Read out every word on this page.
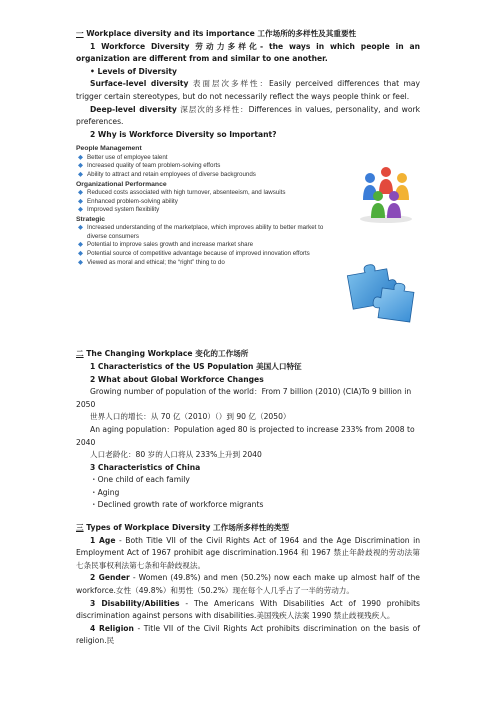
一 Workplace diversity and its importance 工作场所的多样性及其重要性

1 Workforce Diversity 劳动力多样化- the ways in which people in an organization are different from and similar to one another.

• Levels of Diversity

Surface-level diversity 表面层次多样性：Easily perceived differences that may trigger certain stereotypes, but do not necessarily reflect the ways people think or feel.

Deep-level diversity 深层次的多样性：Differences in values, personality, and work preferences.

2 Why is Workforce Diversity so Important?

People Management

◆ Better use of employee talent
◆ Increased quality of team problem-solving efforts
◆ Ability to attract and retain employees of diverse backgrounds

Organizational Performance

◆ Reduced costs associated with high turnover, absenteeism, and lawsuits
◆ Enhanced problem-solving ability
◆ Improved system flexibility

Strategic

◆ Increased understanding of the marketplace, which improves ability to better market to diverse consumers
◆ Potential to improve sales growth and increase market share
◆ Potential source of competitive advantage because of improved innovation efforts
◆ Viewed as moral and ethical; the “right” thing to do

二 The Changing Workplace 变化的工作场所

1 Characteristics of the US Population 美国人口特征

2 What about Global Workforce Changes

Growing number of population of the world：From 7 billion (2010) (CIA)To 9 billion in 2050

世界人口的增长：从 70 亿（2010）（）到 90 亿（2050）

An aging population：Population aged 80 is projected to increase 233% from 2008 to 2040

人口老龄化：80 岁的人口将从 233%上升到 2040

3 Characteristics of China

・One child of each family

・Aging

・Declined growth rate of workforce migrants

三 Types of Workplace Diversity 工作场所多样性的类型

1 Age - Both Title VII of the Civil Rights Act of 1964 and the Age Discrimination in Employment Act of 1967 prohibit age discrimination.1964 和 1967 禁止年龄歧视的劳动法第七条民事权利法第七条和年龄歧视法。

2 Gender - Women (49.8%) and men (50.2%) now each make up almost half of the workforce.女性（49.8%）和男性（50.2%）现在每个人几乎占了一半的劳动力。

3 Disability/Abilities - The Americans With Disabilities Act of 1990 prohibits discrimination against persons with disabilities.美国残疾人法案 1990 禁止歧视残疾人。

4 Religion - Title VII of the Civil Rights Act prohibits discrimination on the basis of religion.民
